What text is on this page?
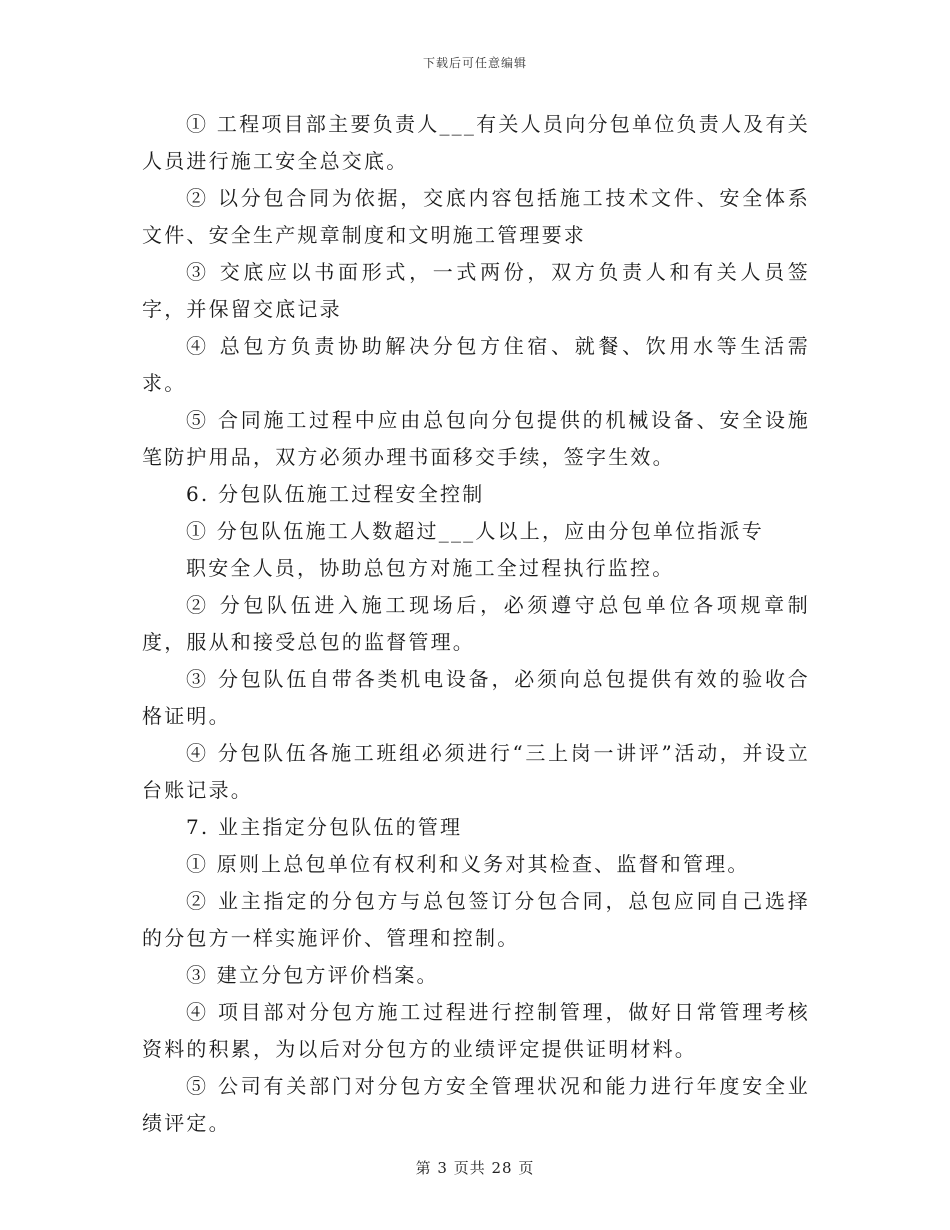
下载后可任意编辑

① 工程项目部主要负责人___有关人员向分包单位负责人及有关人员进行施工安全总交底。

② 以分包合同为依据，交底内容包括施工技术文件、安全体系文件、安全生产规章制度和文明施工管理要求

③ 交底应以书面形式，一式两份，双方负责人和有关人员签字，并保留交底记录

④ 总包方负责协助解决分包方住宿、就餐、饮用水等生活需求。

⑤ 合同施工过程中应由总包向分包提供的机械设备、安全设施笔防护用品，双方必须办理书面移交手续，签字生效。

6. 分包队伍施工过程安全控制

① 分包队伍施工人数超过___人以上，应由分包单位指派专

职安全人员，协助总包方对施工全过程执行监控。

② 分包队伍进入施工现场后，必须遵守总包单位各项规章制度，服从和接受总包的监督管理。

③ 分包队伍自带各类机电设备，必须向总包提供有效的验收合格证明。

④ 分包队伍各施工班组必须进行“三上岗一讲评”活动，并设立台账记录。

7. 业主指定分包队伍的管理

① 原则上总包单位有权利和义务对其检查、监督和管理。

② 业主指定的分包方与总包签订分包合同，总包应同自己选择的分包方一样实施评价、管理和控制。

③ 建立分包方评价档案。

④ 项目部对分包方施工过程进行控制管理，做好日常管理考核资料的积累，为以后对分包方的业绩评定提供证明材料。

⑤ 公司有关部门对分包方安全管理状况和能力进行年度安全业绩评定。

第 3 页共 28 页
